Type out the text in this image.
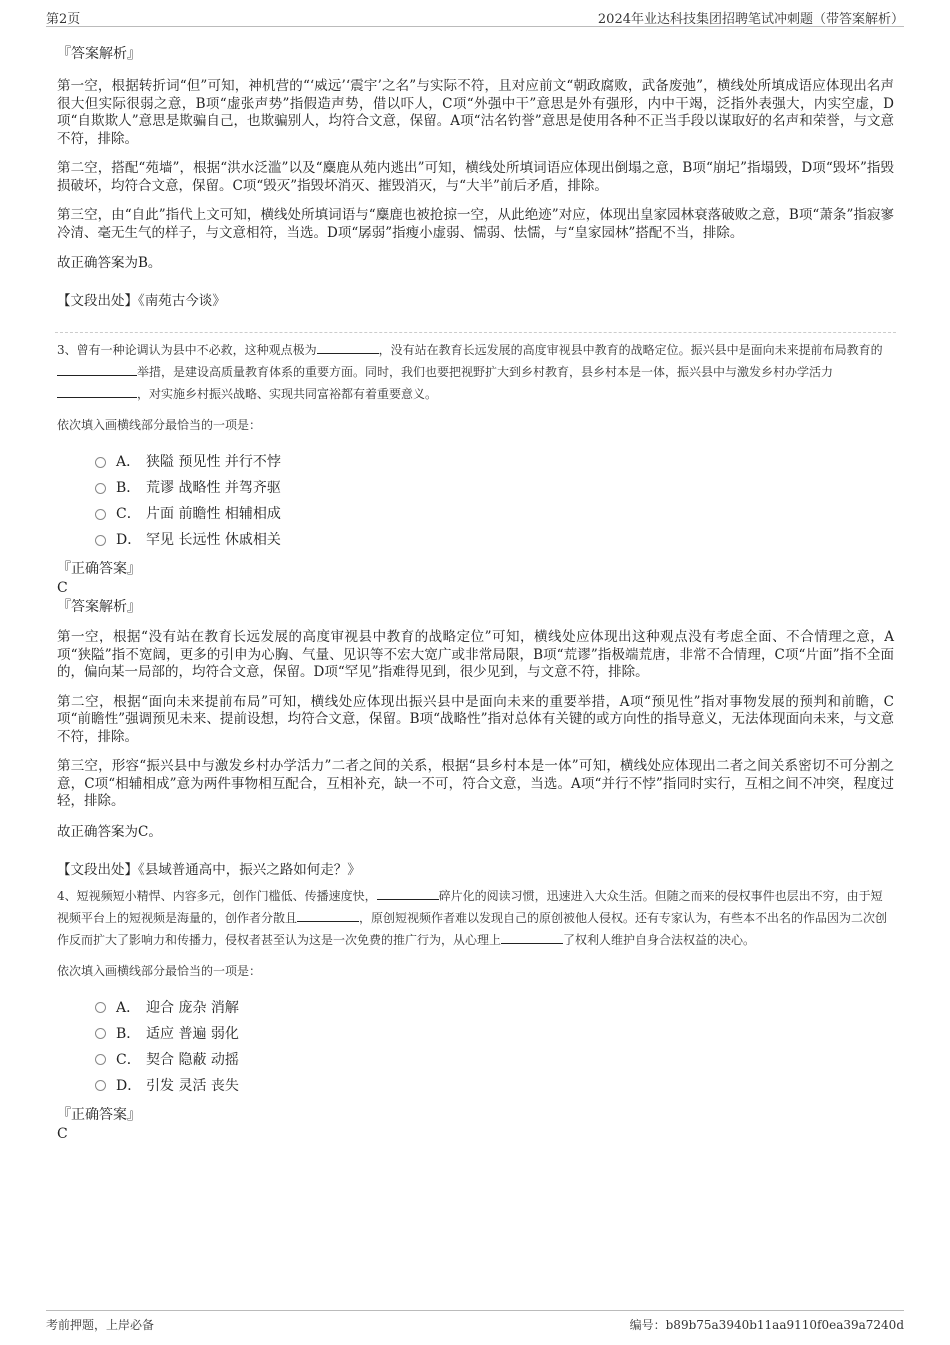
第2页	2024年业达科技集团招聘笔试冲刺题（带答案解析）

『答案解析』

第一空，根据转折词“但”可知，神机营的“‘威远’‘震宇’之名”与实际不符，且对应前文“朝政腐败，武备废弛”，横线处所填成语应体现出名声很大但实际很弱之意，B项“虚张声势”指假造声势，借以吓人，C项“外强中干”意思是外有强形，内中干竭，泛指外表强大，内实空虚，D项“自欺欺人”意思是欺骗自己，也欺骗别人，均符合文意，保留。A项“沽名钓誉”意思是使用各种不正当手段以谋取好的名声和荣誉，与文意不符，排除。

第二空，搭配“苑墙”，根据“洪水泛滥”以及“麋鹿从苑内逃出”可知，横线处所填词语应体现出倒塌之意，B项“崩圮”指塌毁，D项“毁坏”指毁损破坏，均符合文意，保留。C项“毁灭”指毁坏消灭、摧毁消灭，与“大半”前后矛盾，排除。

第三空，由“自此”指代上文可知，横线处所填词语与“麋鹿也被抢掠一空，从此绝迹”对应，体现出皇家园林衰落破败之意，B项“萧条”指寂寥冷清、毫无生气的样子，与文意相符，当选。D项“孱弱”指瘦小虚弱、懦弱、怯懦，与“皇家园林”搭配不当，排除。

故正确答案为B。

【文段出处】《南苑古今谈》

3、曾有一种论调认为县中不必救，这种观点极为	，没有站在教育长远发展的高度审视县中教育的战略定位。振兴县中是面向未来提前布局教育的举措，是建设高质量教育体系的重要方面。同时，我们也要把视野扩大到乡村教育，县乡村本是一体，振兴县中与激发乡村办学活力，对实施乡村振兴战略、实现共同富裕都有着重要意义。

依次填入画横线部分最恰当的一项是：

A． 狭隘 预见性 并行不悖
B． 荒谬 战略性 并驾齐驱
C． 片面 前瞻性 相辅相成
D． 罕见 长远性 休戚相关

『正确答案』

C

『答案解析』

第一空，根据“没有站在教育长远发展的高度审视县中教育的战略定位”可知，横线处应体现出这种观点没有考虑全面、不合情理之意，A项“狭隘”指不宽阔，更多的引申为心胸、气量、见识等不宏大宽广或非常局限，B项“荒谬”指极端荒唐，非常不合情理，C项“片面”指不全面的，偏向某一局部的，均符合文意，保留。D项“罕见”指难得见到，很少见到，与文意不符，排除。

第二空，根据“面向未来提前布局”可知，横线处应体现出振兴县中是面向未来的重要举措，A项“预见性”指对事物发展的预判和前瞻，C项“前瞻性”强调预见未来、提前设想，均符合文意，保留。B项“战略性”指对总体有关键的或方向性的指导意义，无法体现面向未来，与文意不符，排除。

第三空，形容“振兴县中与激发乡村办学活力”二者之间的关系，根据“县乡村本是一体”可知，横线处应体现出二者之间关系密切不可分割之意，C项“相辅相成”意为两件事物相互配合，互相补充，缺一不可，符合文意，当选。A项“并行不悖”指同时实行，互相之间不冲突，程度过轻，排除。

故正确答案为C。

【文段出处】《县域普通高中，振兴之路如何走？》

4、短视频短小精悍、内容多元，创作门槛低、传播速度快，	碎片化的阅读习惯，迅速进入大众生活。但随之而来的侵权事件也层出不穷，由于短视频平台上的短视频是海量的，创作者分散且	，原创短视频作者难以发现自己的原创被他人侵权。还有专家认为，有些本不出名的作品因为二次创作反而扩大了影响力和传播力，侵权者甚至认为这是一次免费的推广行为，从心理上	了权利人维护自身合法权益的决心。

依次填入画横线部分最恰当的一项是：

A． 迎合 庞杂 消解
B． 适应 普遍 弱化
C． 契合 隐蔽 动摇
D． 引发 灵活 丧失

『正确答案』

C

考前押题，上岸必备	编号：b89b75a3940b11aa9110f0ea39a7240d
